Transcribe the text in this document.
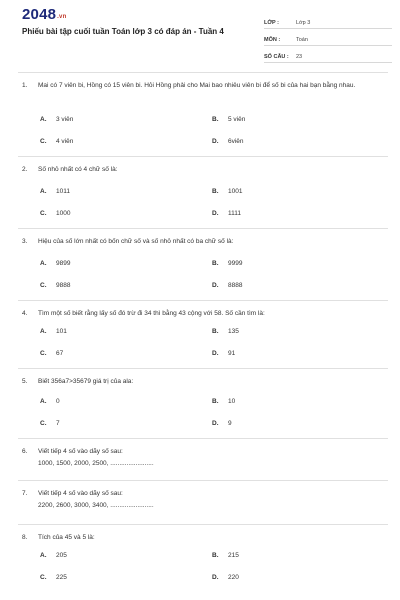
2048.vn
Phiếu bài tập cuối tuần Toán lớp 3 có đáp án - Tuần 4
LỚP :	Lớp 3
MÔN :	Toán
SỐ CÂU :	23
1. Mai có 7 viên bi, Hồng có 15 viên bi. Hỏi Hồng phải cho Mai bao nhiêu viên bi để số bi của hai bạn bằng nhau.
A. 3 viên	B. 5 viên
C. 4 viên	D. 6viên
2. Số nhỏ nhất có 4 chữ số là:
A. 1011	B. 1001
C. 1000	D. 1111
3. Hiệu của số lớn nhất có bốn chữ số và số nhỏ nhất có ba chữ số là:
A. 9899	B. 9999
C. 9888	D. 8888
4. Tìm một số biết rằng lấy số đó trừ đi 34 thì bằng 43 cộng với 58. Số cần tìm là:
A. 101	B. 135
C. 67	D. 91
5. Biết 356a7>35679 giá trị của ala:
A. 0	B. 10
C. 7	D. 9
6. Viết tiếp 4 số vào dãy số sau:
1000, 1500, 2000, 2500, ........................
7. Viết tiếp 4 số vào dãy số sau:
2200, 2600, 3000, 3400, ........................
8. Tích của 45 và 5 là:
A. 205	B. 215
C. 225	D. 220
